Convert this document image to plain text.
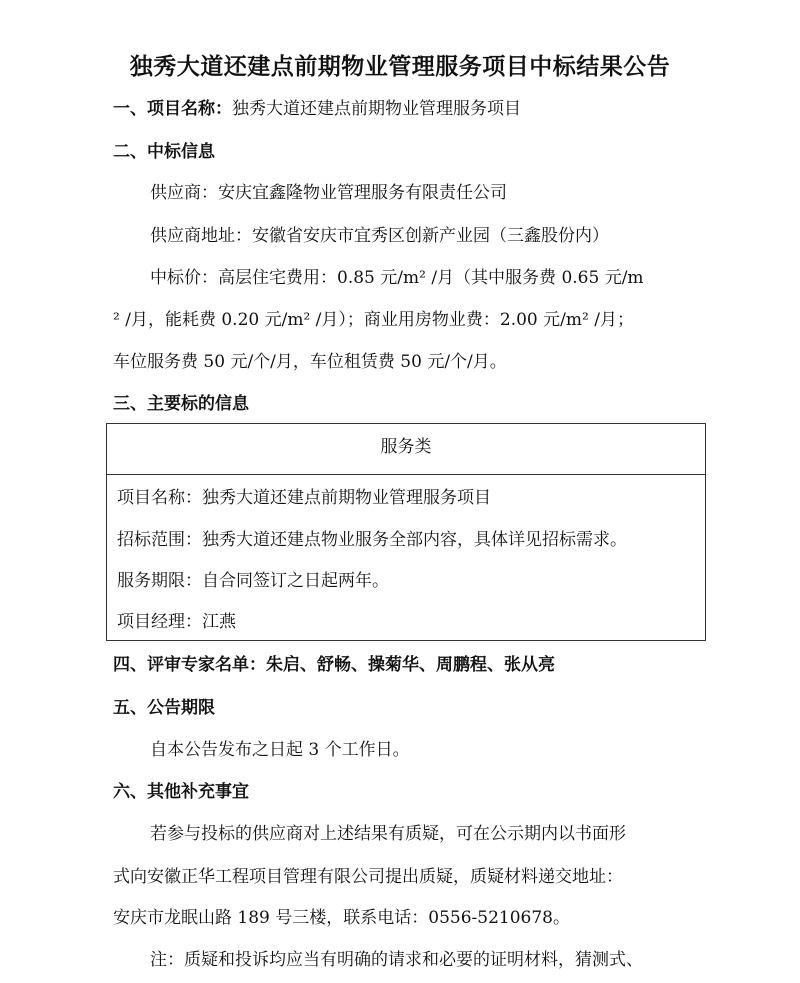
独秀大道还建点前期物业管理服务项目中标结果公告
一、项目名称：独秀大道还建点前期物业管理服务项目
二、中标信息
供应商：安庆宜鑫隆物业管理服务有限责任公司
供应商地址：安徽省安庆市宜秀区创新产业园（三鑫股份内）
中标价：高层住宅费用：0.85 元/m² /月（其中服务费 0.65 元/m
² /月，能耗费 0.20 元/m² /月）；商业用房物业费：2.00 元/m² /月；
车位服务费 50 元/个/月，车位租赁费 50 元/个/月。
三、主要标的信息
服务类
项目名称：独秀大道还建点前期物业管理服务项目
招标范围：独秀大道还建点物业服务全部内容，具体详见招标需求。
服务期限：自合同签订之日起两年。
项目经理：江燕
四、评审专家名单：朱启、舒畅、操菊华、周鹏程、张从亮
五、公告期限
自本公告发布之日起 3 个工作日。
六、其他补充事宜
若参与投标的供应商对上述结果有质疑，可在公示期内以书面形
式向安徽正华工程项目管理有限公司提出质疑，质疑材料递交地址：
安庆市龙眠山路 189 号三楼，联系电话：0556-5210678。
注：质疑和投诉均应当有明确的请求和必要的证明材料，猜测式、
